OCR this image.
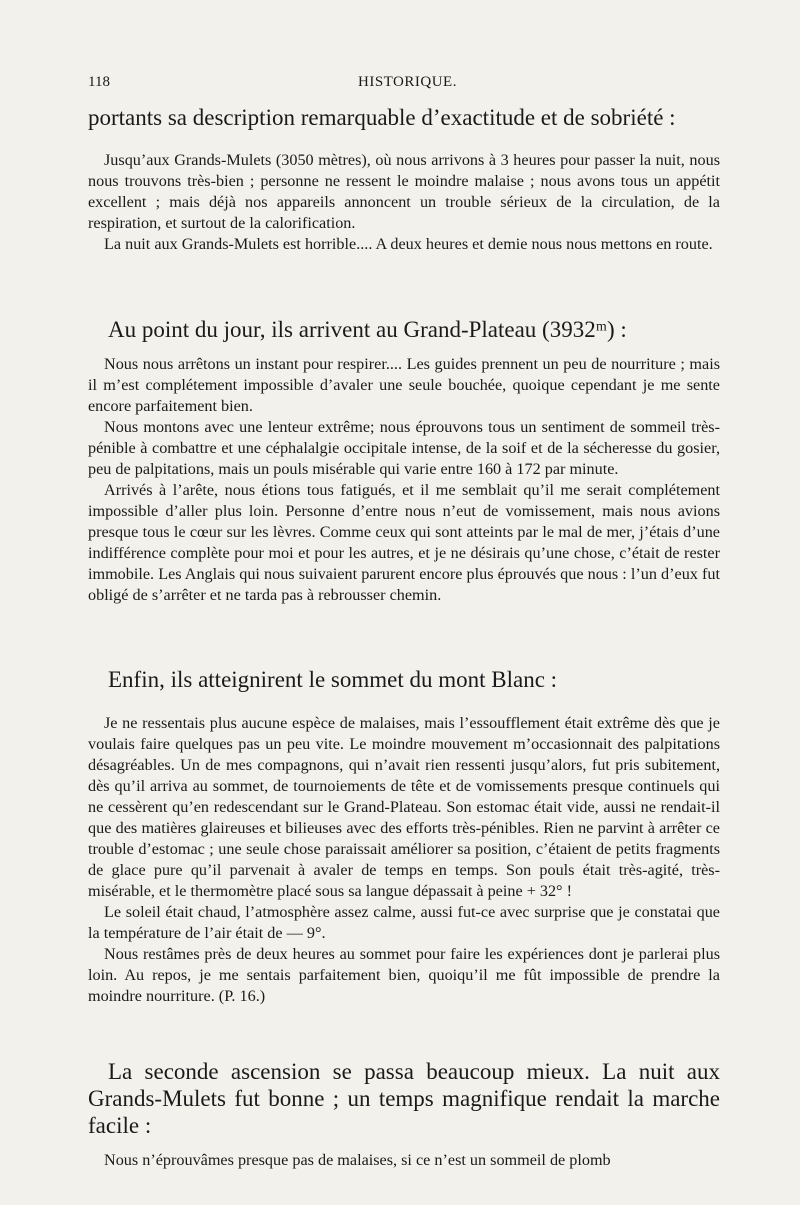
118	HISTORIQUE.

portants sa description remarquable d’exactitude et de sobriété :

Jusqu’aux Grands-Mulets (3050 mètres), où nous arrivons à 3 heures pour passer la nuit, nous nous trouvons très-bien ; personne ne ressent le moindre malaise ; nous avons tous un appétit excellent ; mais déjà nos appareils annoncent un trouble sérieux de la circulation, de la respiration, et surtout de la calorification.

La nuit aux Grands-Mulets est horrible.... A deux heures et demie nous nous mettons en route.

Au point du jour, ils arrivent au Grand-Plateau (3932ᵐ) :

Nous nous arrêtons un instant pour respirer.... Les guides prennent un peu de nourriture ; mais il m’est complétement impossible d’avaler une seule bouchée, quoique cependant je me sente encore parfaitement bien.

Nous montons avec une lenteur extrême; nous éprouvons tous un sentiment de sommeil très-pénible à combattre et une céphalalgie occipitale intense, de la soif et de la sécheresse du gosier, peu de palpitations, mais un pouls misérable qui varie entre 160 à 172 par minute.

Arrivés à l’arête, nous étions tous fatigués, et il me semblait qu’il me serait complétement impossible d’aller plus loin. Personne d’entre nous n’eut de vomissement, mais nous avions presque tous le cœur sur les lèvres. Comme ceux qui sont atteints par le mal de mer, j’étais d’une indifférence complète pour moi et pour les autres, et je ne désirais qu’une chose, c’était de rester immobile. Les Anglais qui nous suivaient parurent encore plus éprouvés que nous : l’un d’eux fut obligé de s’arrêter et ne tarda pas à rebrousser chemin.

Enfin, ils atteignirent le sommet du mont Blanc :

Je ne ressentais plus aucune espèce de malaises, mais l’essoufflement était extrême dès que je voulais faire quelques pas un peu vite. Le moindre mouvement m’occasionnait des palpitations désagréables. Un de mes compagnons, qui n’avait rien ressenti jusqu’alors, fut pris subitement, dès qu’il arriva au sommet, de tournoiements de tête et de vomissements presque continuels qui ne cessèrent qu’en redescendant sur le Grand-Plateau. Son estomac était vide, aussi ne rendait-il que des matières glaireuses et bilieuses avec des efforts très-pénibles. Rien ne parvint à arrêter ce trouble d’estomac ; une seule chose paraissait améliorer sa position, c’étaient de petits fragments de glace pure qu’il parvenait à avaler de temps en temps. Son pouls était très-agité, très-misérable, et le thermomètre placé sous sa langue dépassait à peine + 32° !

Le soleil était chaud, l’atmosphère assez calme, aussi fut-ce avec surprise que je constatai que la température de l’air était de — 9°.

Nous restâmes près de deux heures au sommet pour faire les expériences dont je parlerai plus loin. Au repos, je me sentais parfaitement bien, quoiqu’il me fût impossible de prendre la moindre nourriture. (P. 16.)

La seconde ascension se passa beaucoup mieux. La nuit aux Grands-Mulets fut bonne ; un temps magnifique rendait la marche facile :

Nous n’éprouvâmes presque pas de malaises, si ce n’est un sommeil de plomb
